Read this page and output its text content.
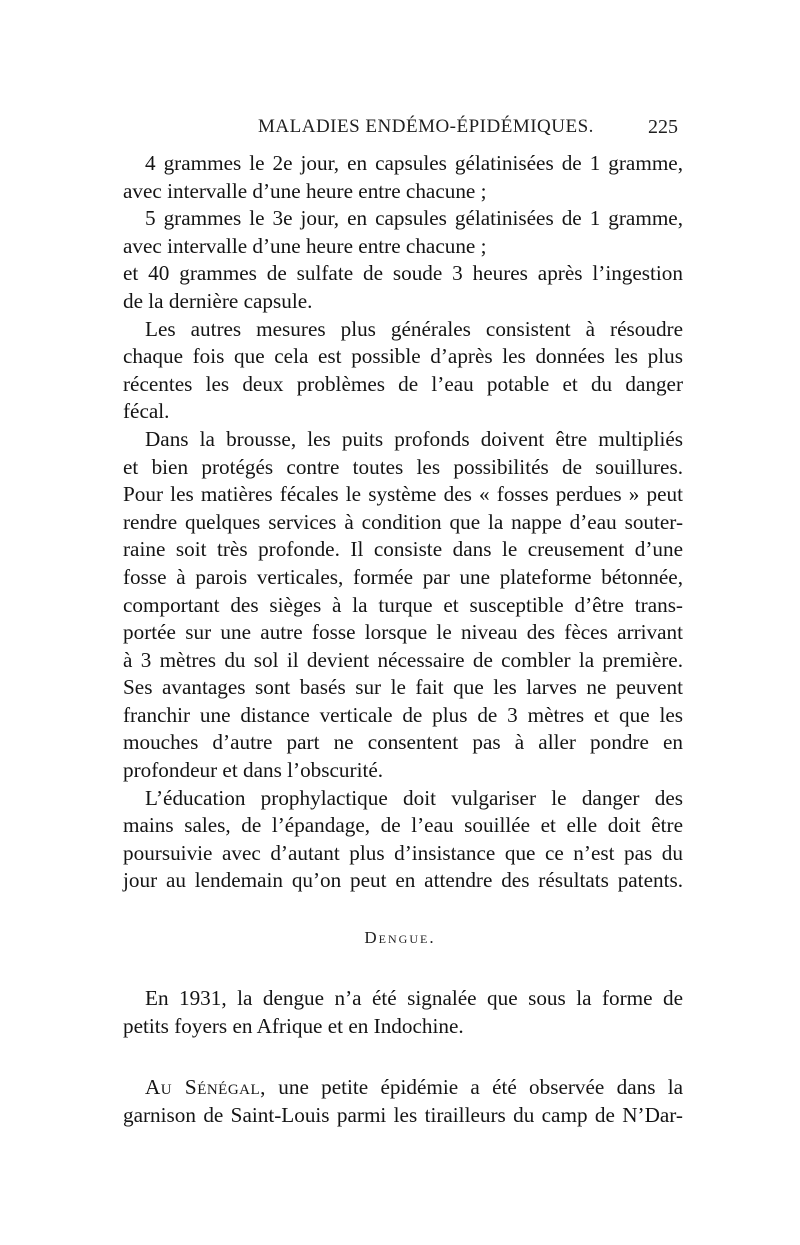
MALADIES ENDÉMO-ÉPIDÉMIQUES.	225
4 grammes le 2e jour, en capsules gélatinisées de 1 gramme,
avec intervalle d’une heure entre chacune ;
5 grammes le 3e jour, en capsules gélatinisées de 1 gramme,
avec intervalle d’une heure entre chacune ;
et 40 grammes de sulfate de soude 3 heures après l’ingestion
de la dernière capsule.
Les autres mesures plus générales consistent à résoudre
chaque fois que cela est possible d’après les données les plus
récentes les deux problèmes de l’eau potable et du danger
fécal.
Dans la brousse, les puits profonds doivent être multipliés
et bien protégés contre toutes les possibilités de souillures.
Pour les matières fécales le système des « fosses perdues » peut
rendre quelques services à condition que la nappe d’eau souter-
raine soit très profonde. Il consiste dans le creusement d’une
fosse à parois verticales, formée par une plateforme bétonnée,
comportant des sièges à la turque et susceptible d’être trans-
portée sur une autre fosse lorsque le niveau des fèces arrivant
à 3 mètres du sol il devient nécessaire de combler la première.
Ses avantages sont basés sur le fait que les larves ne peuvent
franchir une distance verticale de plus de 3 mètres et que les
mouches d’autre part ne consentent pas à aller pondre en
profondeur et dans l’obscurité.
L’éducation prophylactique doit vulgariser le danger des
mains sales, de l’épandage, de l’eau souillée et elle doit être
poursuivie avec d’autant plus d’insistance que ce n’est pas du
jour au lendemain qu’on peut en attendre des résultats patents.
Dengue.
En 1931, la dengue n’a été signalée que sous la forme de
petits foyers en Afrique et en Indochine.
Au Sénégal, une petite épidémie a été observée dans la
garnison de Saint-Louis parmi les tirailleurs du camp de N’Dar-
